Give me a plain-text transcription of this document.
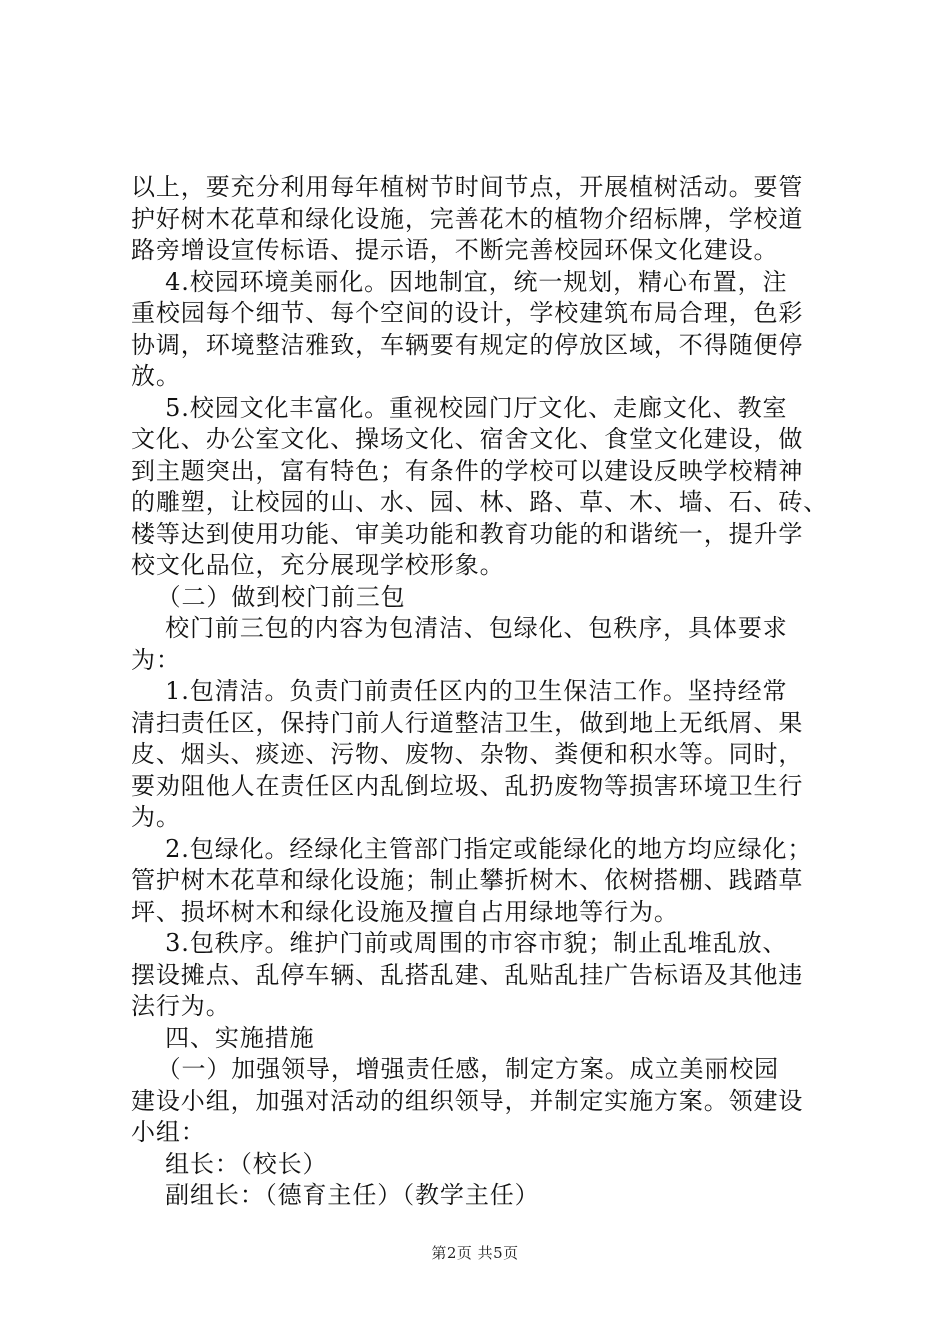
以上，要充分利用每年植树节时间节点，开展植树活动。要管
护好树木花草和绿化设施，完善花木的植物介绍标牌，学校道
路旁增设宣传标语、提示语，不断完善校园环保文化建设。
4.校园环境美丽化。因地制宜，统一规划，精心布置，注
重校园每个细节、每个空间的设计，学校建筑布局合理，色彩
协调，环境整洁雅致，车辆要有规定的停放区域，不得随便停
放。
5.校园文化丰富化。重视校园门厅文化、走廊文化、教室
文化、办公室文化、操场文化、宿舍文化、食堂文化建设，做
到主题突出，富有特色；有条件的学校可以建设反映学校精神
的雕塑，让校园的山、水、园、林、路、草、木、墙、石、砖、
楼等达到使用功能、审美功能和教育功能的和谐统一，提升学
校文化品位，充分展现学校形象。
（二）做到校门前三包
校门前三包的内容为包清洁、包绿化、包秩序，具体要求
为：
1.包清洁。负责门前责任区内的卫生保洁工作。坚持经常
清扫责任区，保持门前人行道整洁卫生，做到地上无纸屑、果
皮、烟头、痰迹、污物、废物、杂物、粪便和积水等。同时，
要劝阻他人在责任区内乱倒垃圾、乱扔废物等损害环境卫生行
为。
2.包绿化。经绿化主管部门指定或能绿化的地方均应绿化；
管护树木花草和绿化设施；制止攀折树木、依树搭棚、践踏草
坪、损坏树木和绿化设施及擅自占用绿地等行为。
3.包秩序。维护门前或周围的市容市貌；制止乱堆乱放、
摆设摊点、乱停车辆、乱搭乱建、乱贴乱挂广告标语及其他违
法行为。
四、实施措施
（一）加强领导，增强责任感，制定方案。成立美丽校园
建设小组，加强对活动的组织领导，并制定实施方案。领建设
小组：
组长：（校长）
副组长：（德育主任）（教学主任）
第2页 共5页
